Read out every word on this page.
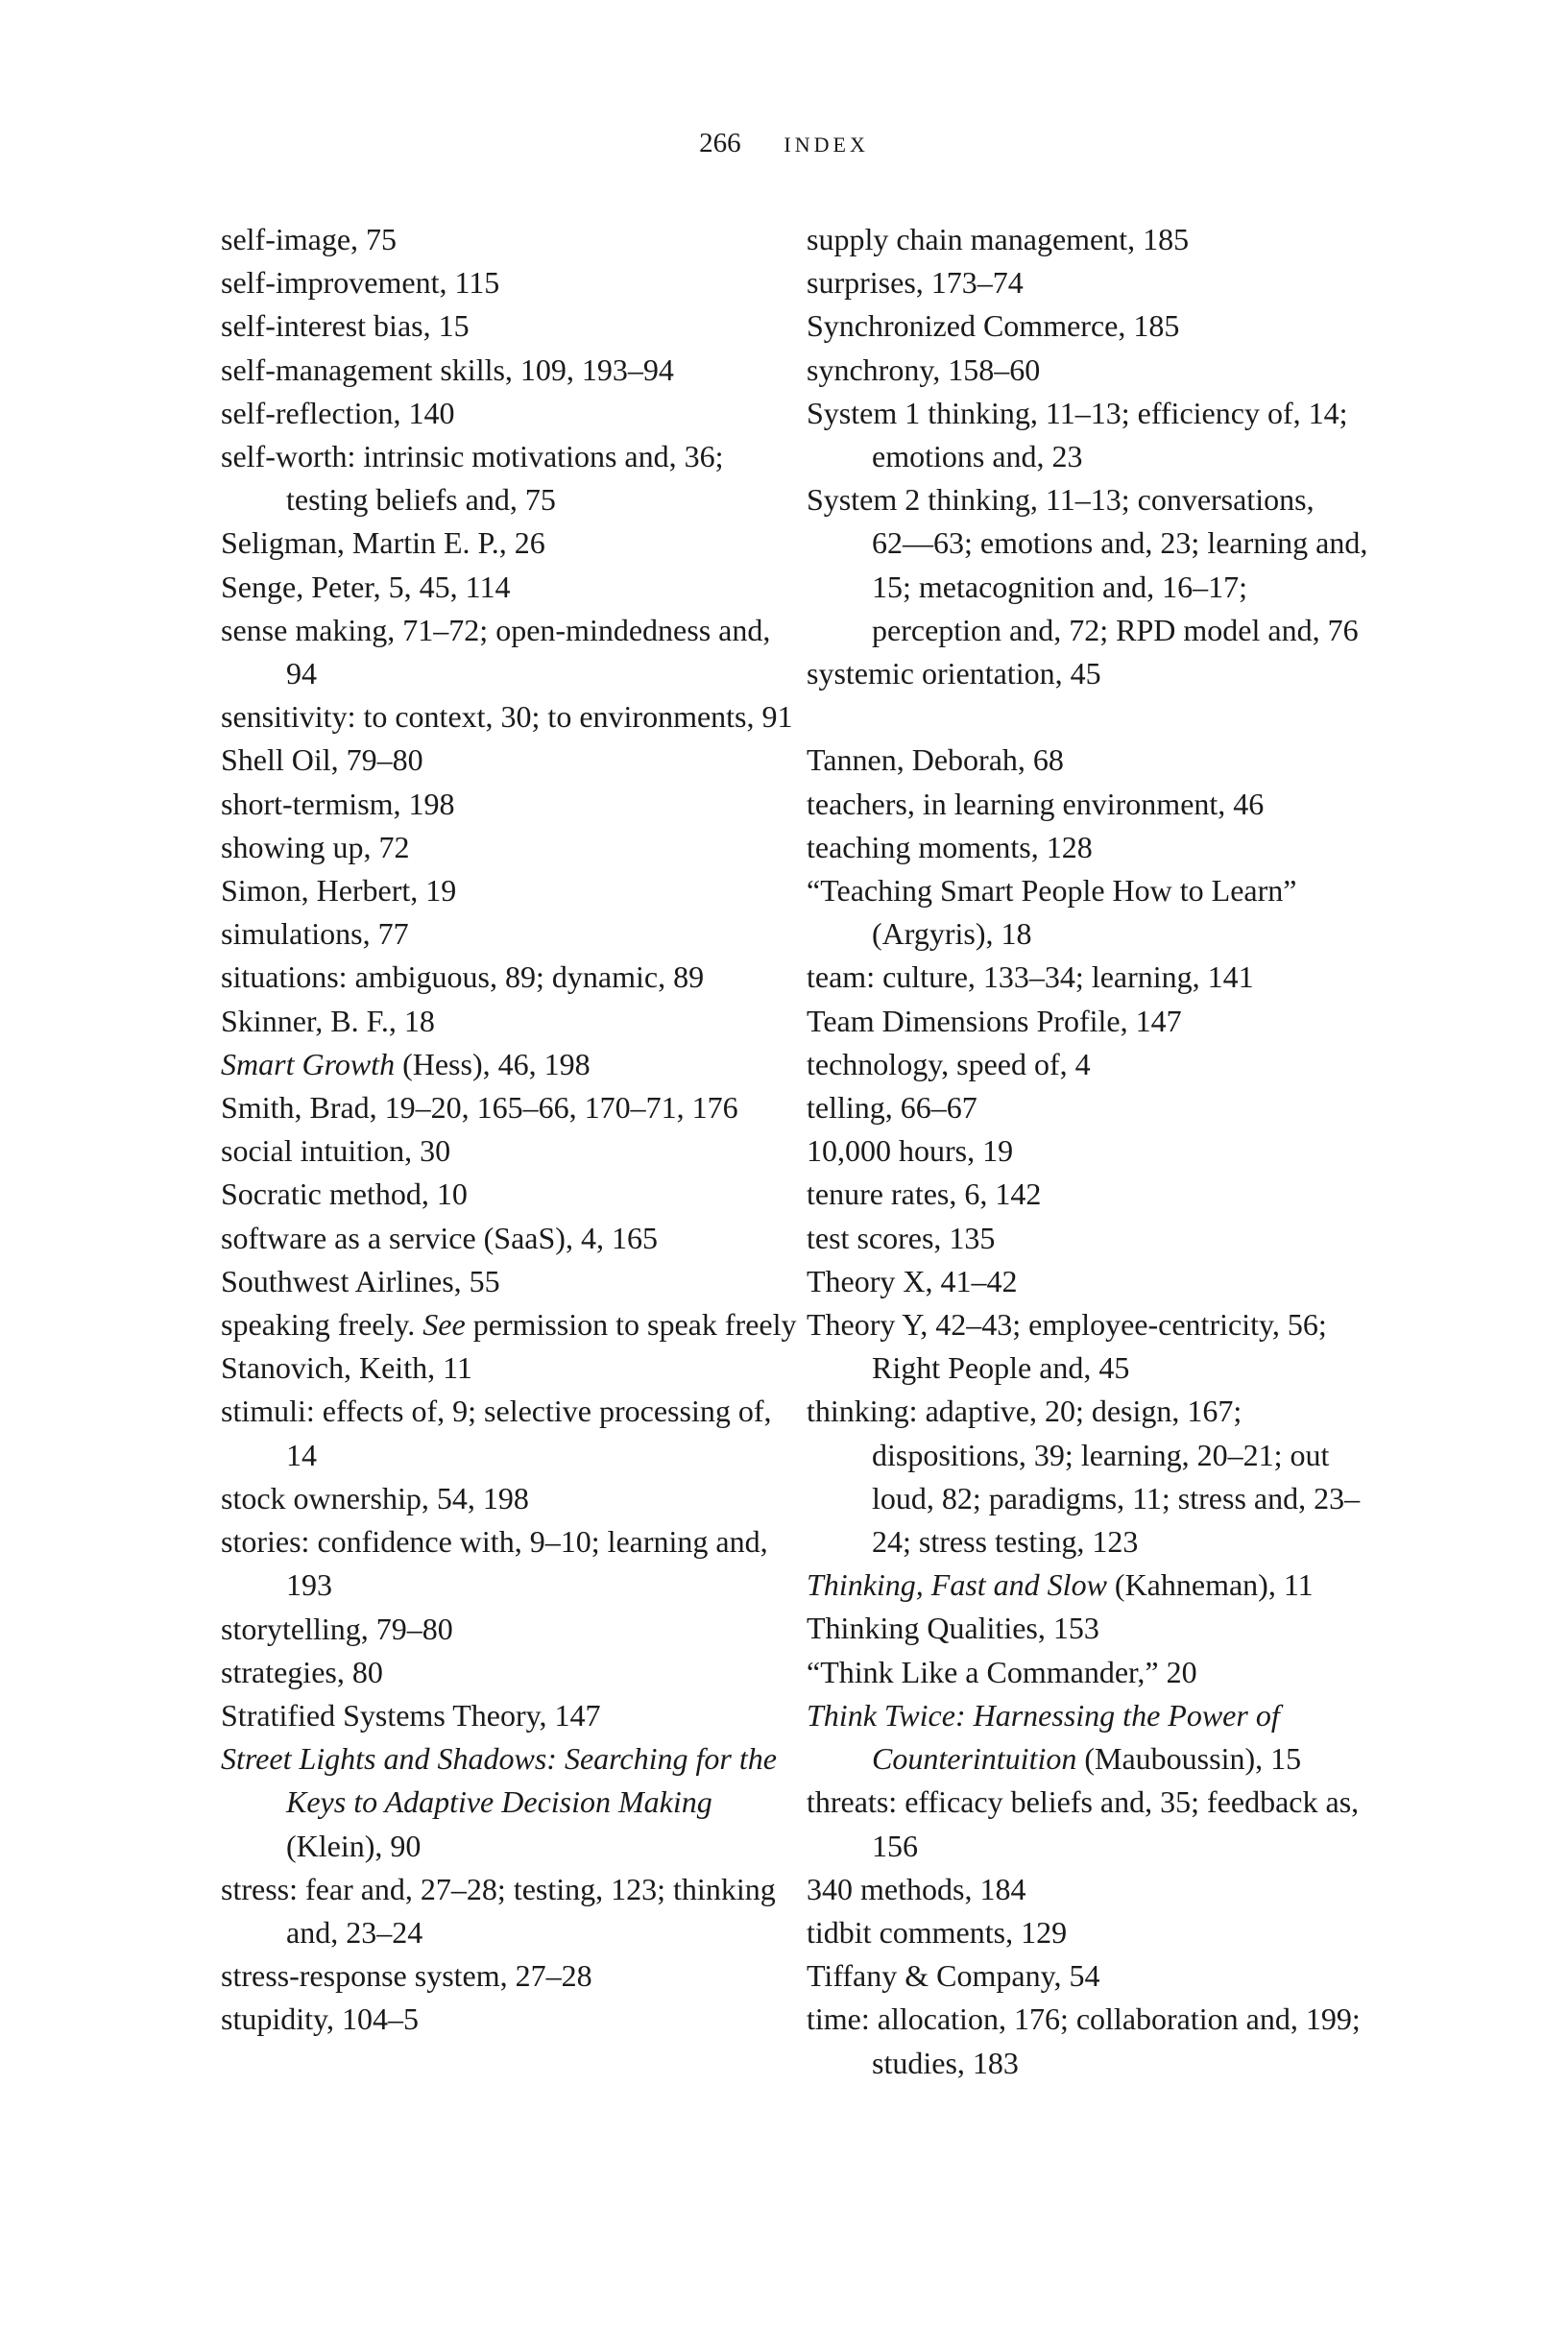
266 INDEX
self-image, 75
self-improvement, 115
self-interest bias, 15
self-management skills, 109, 193–94
self-reflection, 140
self-worth: intrinsic motivations and, 36; testing beliefs and, 75
Seligman, Martin E. P., 26
Senge, Peter, 5, 45, 114
sense making, 71–72; open-mindedness and, 94
sensitivity: to context, 30; to environments, 91
Shell Oil, 79–80
short-termism, 198
showing up, 72
Simon, Herbert, 19
simulations, 77
situations: ambiguous, 89; dynamic, 89
Skinner, B. F., 18
Smart Growth (Hess), 46, 198
Smith, Brad, 19–20, 165–66, 170–71, 176
social intuition, 30
Socratic method, 10
software as a service (SaaS), 4, 165
Southwest Airlines, 55
speaking freely. See permission to speak freely
Stanovich, Keith, 11
stimuli: effects of, 9; selective processing of, 14
stock ownership, 54, 198
stories: confidence with, 9–10; learning and, 193
storytelling, 79–80
strategies, 80
Stratified Systems Theory, 147
Street Lights and Shadows: Searching for the Keys to Adaptive Decision Making (Klein), 90
stress: fear and, 27–28; testing, 123; thinking and, 23–24
stress-response system, 27–28
stupidity, 104–5
supply chain management, 185
surprises, 173–74
Synchronized Commerce, 185
synchrony, 158–60
System 1 thinking, 11–13; efficiency of, 14; emotions and, 23
System 2 thinking, 11–13; conversations, 62––63; emotions and, 23; learning and, 15; metacognition and, 16–17; perception and, 72; RPD model and, 76
systemic orientation, 45
Tannen, Deborah, 68
teachers, in learning environment, 46
teaching moments, 128
“Teaching Smart People How to Learn” (Argyris), 18
team: culture, 133–34; learning, 141
Team Dimensions Profile, 147
technology, speed of, 4
telling, 66–67
10,000 hours, 19
tenure rates, 6, 142
test scores, 135
Theory X, 41–42
Theory Y, 42–43; employee-centricity, 56; Right People and, 45
thinking: adaptive, 20; design, 167; dispositions, 39; learning, 20–21; out loud, 82; paradigms, 11; stress and, 23–24; stress testing, 123
Thinking, Fast and Slow (Kahneman), 11
Thinking Qualities, 153
“Think Like a Commander,” 20
Think Twice: Harnessing the Power of Counterintuition (Mauboussin), 15
threats: efficacy beliefs and, 35; feedback as, 156
340 methods, 184
tidbit comments, 129
Tiffany & Company, 54
time: allocation, 176; collaboration and, 199; studies, 183
